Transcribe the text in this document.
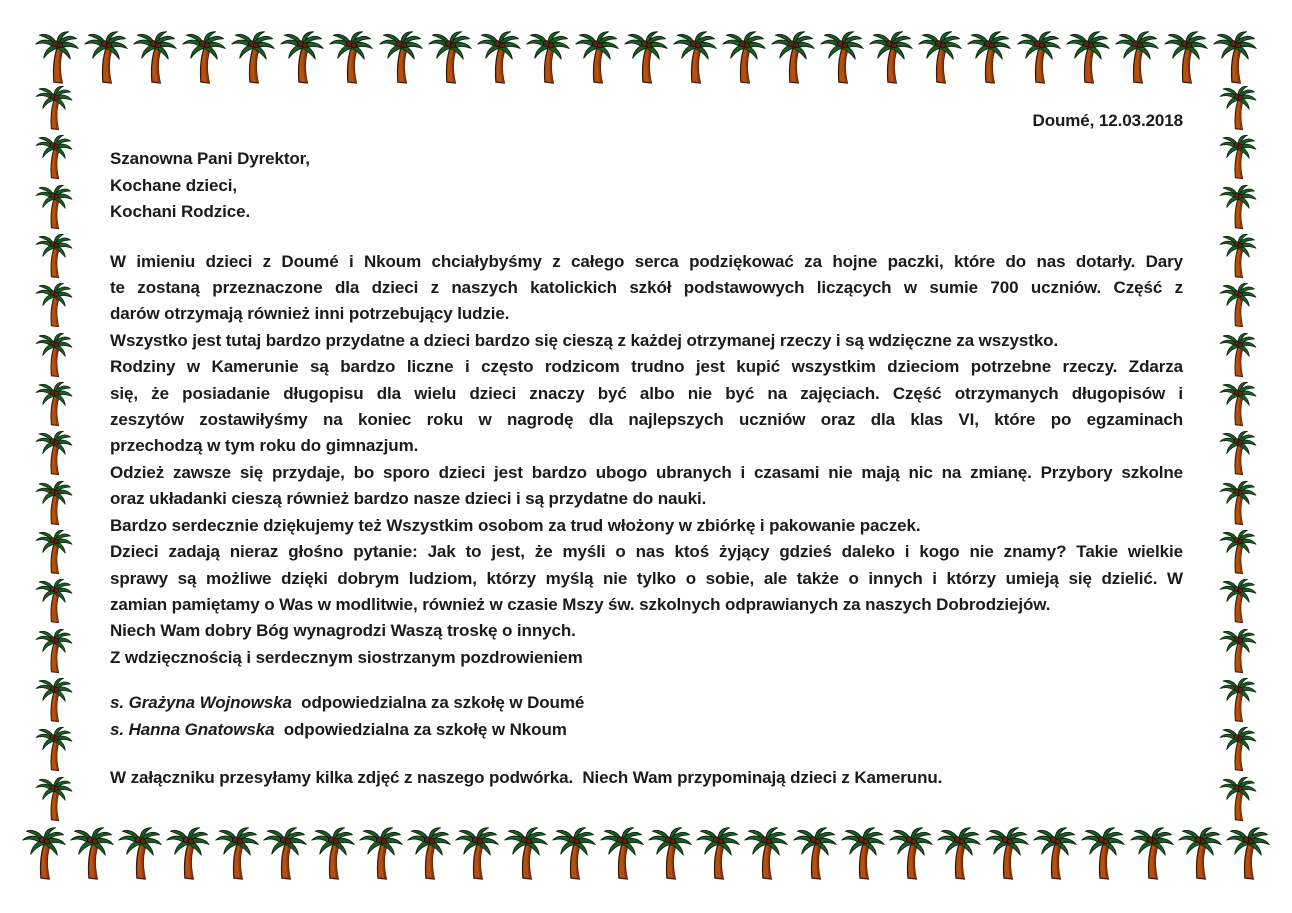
Doumé, 12.03.2018
Szanowna Pani Dyrektor,
Kochane dzieci,
Kochani Rodzice.
W imieniu dzieci z Doumé i Nkoum chciałybyśmy z całego serca podziękować za hojne paczki, które do nas dotarły. Dary
te zostaną przeznaczone dla dzieci z naszych katolickich szkół podstawowych liczących w sumie 700 uczniów. Część z
darów otrzymają również inni potrzebujący ludzie.
Wszystko jest tutaj bardzo przydatne a dzieci bardzo się cieszą z każdej otrzymanej rzeczy i są wdzięczne za wszystko.
Rodziny w Kamerunie są bardzo liczne i często rodzicom trudno jest kupić wszystkim dzieciom potrzebne rzeczy. Zdarza
się, że posiadanie długopisu dla wielu dzieci znaczy być albo nie być na zajęciach. Część otrzymanych długopisów i
zeszytów zostawiłyśmy na koniec roku w nagrodę dla najlepszych uczniów oraz dla klas VI, które po egzaminach
przechodzą w tym roku do gimnazjum.
Odzież zawsze się przydaje, bo sporo dzieci jest bardzo ubogo ubranych i czasami nie mają nic na zmianę. Przybory szkolne
oraz układanki cieszą również bardzo nasze dzieci i są przydatne do nauki.
Bardzo serdecznie dziękujemy też Wszystkim osobom za trud włożony w zbiórkę i pakowanie paczek.
Dzieci zadają nieraz głośno pytanie: Jak to jest, że myśli o nas ktoś żyjący gdzieś daleko i kogo nie znamy? Takie wielkie
sprawy są możliwe dzięki dobrym ludziom, którzy myślą nie tylko o sobie, ale także o innych i którzy umieją się dzielić. W
zamian pamiętamy o Was w modlitwie, również w czasie Mszy św. szkolnych odprawianych za naszych Dobrodziejów.
Niech Wam dobry Bóg wynagrodzi Waszą troskę o innych.
Z wdzięcznością i serdecznym siostrzanym pozdrowieniem
s. Grażyna Wojnowska  odpowiedzialna za szkołę w Doumé
s. Hanna Gnatowska  odpowiedzialna za szkołę w Nkoum
W załączniku przesyłamy kilka zdjęć z naszego podwórka.  Niech Wam przypominają dzieci z Kamerunu.
